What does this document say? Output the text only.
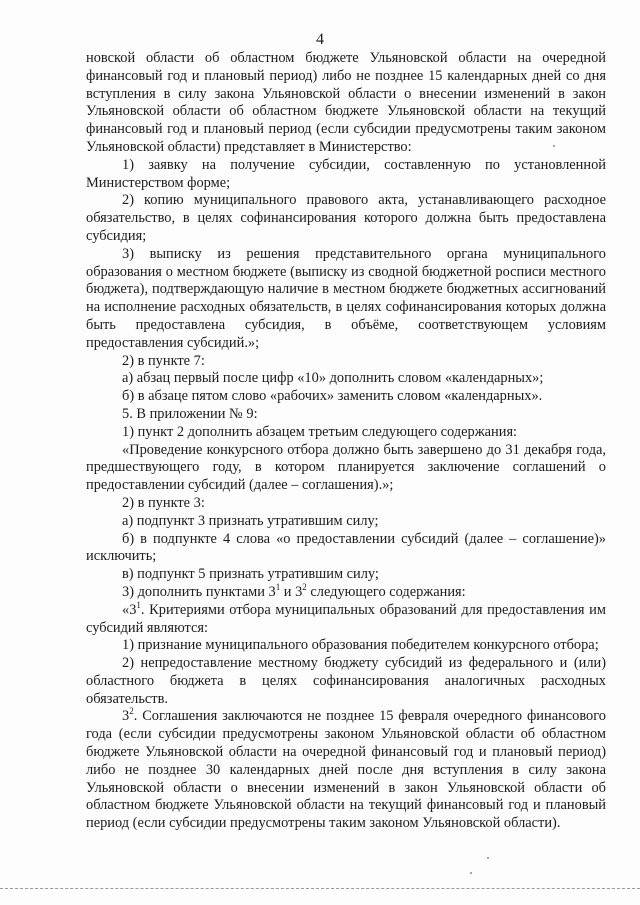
4

новской области об областном бюджете Ульяновской области на очередной финансовый год и плановый период) либо не позднее 15 календарных дней со дня вступления в силу закона Ульяновской области о внесении изменений в закон Ульяновской области об областном бюджете Ульяновской области на текущий финансовый год и плановый период (если субсидии предусмотрены таким законом Ульяновской области) представляет в Министерство:

1) заявку на получение субсидии, составленную по установленной Министерством форме;

2) копию муниципального правового акта, устанавливающего расходное обязательство, в целях софинансирования которого должна быть предоставлена субсидия;

3) выписку из решения представительного органа муниципального образования о местном бюджете (выписку из сводной бюджетной росписи местного бюджета), подтверждающую наличие в местном бюджете бюджетных ассигнований на исполнение расходных обязательств, в целях софинансирования которых должна быть предоставлена субсидия, в объёме, соответствующем условиям предоставления субсидий.»;

2) в пункте 7:

а) абзац первый после цифр «10» дополнить словом «календарных»;

б) в абзаце пятом слово «рабочих» заменить словом «календарных».

5. В приложении № 9:

1) пункт 2 дополнить абзацем третьим следующего содержания:

«Проведение конкурсного отбора должно быть завершено до 31 декабря года, предшествующего году, в котором планируется заключение соглашений о предоставлении субсидий (далее – соглашения).»;

2) в пункте 3:

а) подпункт 3 признать утратившим силу;

б) в подпункте 4 слова «о предоставлении субсидий (далее – соглашение)» исключить;

в) подпункт 5 признать утратившим силу;

3) дополнить пунктами $3^1$ и $3^2$ следующего содержания:

«$3^1$. Критериями отбора муниципальных образований для предоставления им субсидий являются:

1) признание муниципального образования победителем конкурсного отбора;

2) непредоставление местному бюджету субсидий из федерального и (или) областного бюджета в целях софинансирования аналогичных расходных обязательств.

$3^2$. Соглашения заключаются не позднее 15 февраля очередного финансового года (если субсидии предусмотрены законом Ульяновской области об областном бюджете Ульяновской области на очередной финансовый год и плановый период) либо не позднее 30 календарных дней после дня вступления в силу закона Ульяновской области о внесении изменений в закон Ульяновской области об областном бюджете Ульяновской области на текущий финансовый год и плановый период (если субсидии предусмотрены таким законом Ульяновской области).
